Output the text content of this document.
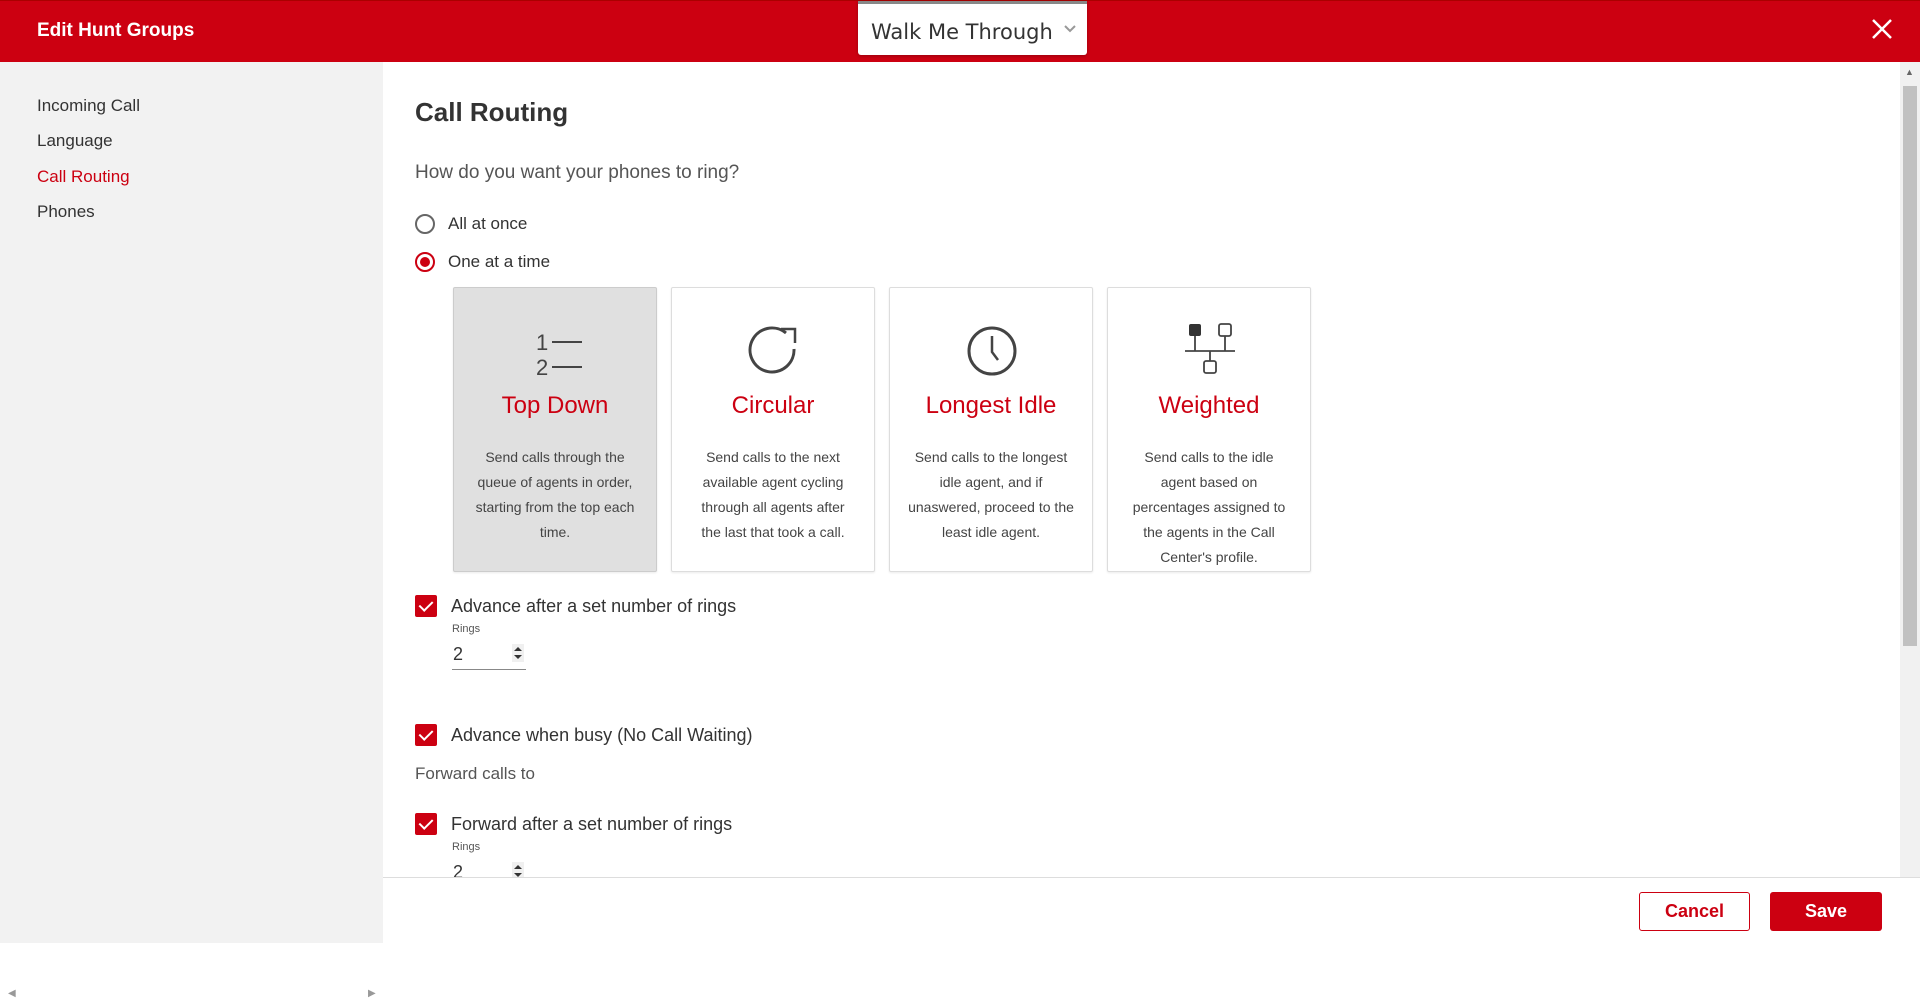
Edit Hunt Groups	Walk Me Through
Incoming Call
Language
Call Routing
Phones
◀	▶
Call Routing
How do you want your phones to ring?
All at once
One at a time
1
2
Top Down
Send calls through the queue of agents in order, starting from the top each time.
Circular
Send calls to the next available agent cycling through all agents after the last that took a call.
Longest Idle
Send calls to the longest idle agent, and if unaswered, proceed to the least idle agent.
Weighted
Send calls to the idle agent based on percentages assigned to the agents in the Call Center's profile.
Advance after a set number of rings
Rings
2
Advance when busy (No Call Waiting)
Forward calls to
Forward after a set number of rings
Rings
2
▲
Cancel	Save
